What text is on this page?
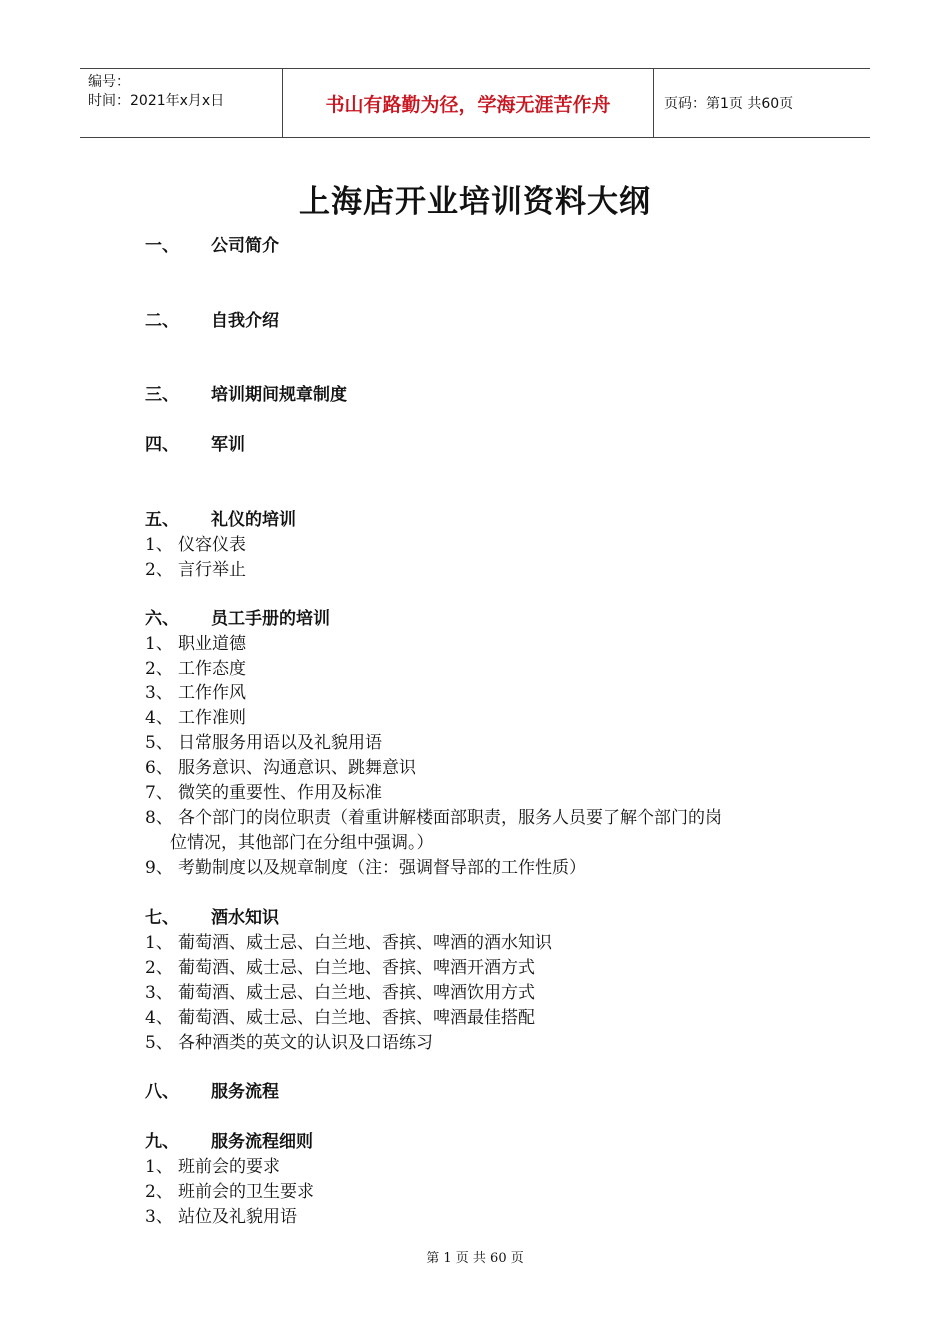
编号：
时间：2021年x月x日	书山有路勤为径，学海无涯苦作舟	页码：第1页 共60页
上海店开业培训资料大纲
一、 公司简介
二、 自我介绍
三、 培训期间规章制度
四、 军训
五、 礼仪的培训
1、 仪容仪表
2、 言行举止
六、 员工手册的培训
1、 职业道德
2、 工作态度
3、 工作作风
4、 工作准则
5、 日常服务用语以及礼貌用语
6、 服务意识、沟通意识、跳舞意识
7、 微笑的重要性、作用及标准
8、 各个部门的岗位职责（着重讲解楼面部职责，服务人员要了解个部门的岗
位情况，其他部门在分组中强调。）
9、 考勤制度以及规章制度（注：强调督导部的工作性质）
七、 酒水知识
1、 葡萄酒、威士忌、白兰地、香摈、啤酒的酒水知识
2、 葡萄酒、威士忌、白兰地、香摈、啤酒开酒方式
3、 葡萄酒、威士忌、白兰地、香摈、啤酒饮用方式
4、 葡萄酒、威士忌、白兰地、香摈、啤酒最佳搭配
5、 各种酒类的英文的认识及口语练习
八、 服务流程
九、 服务流程细则
1、 班前会的要求
2、 班前会的卫生要求
3、 站位及礼貌用语
第 1 页 共 60 页
